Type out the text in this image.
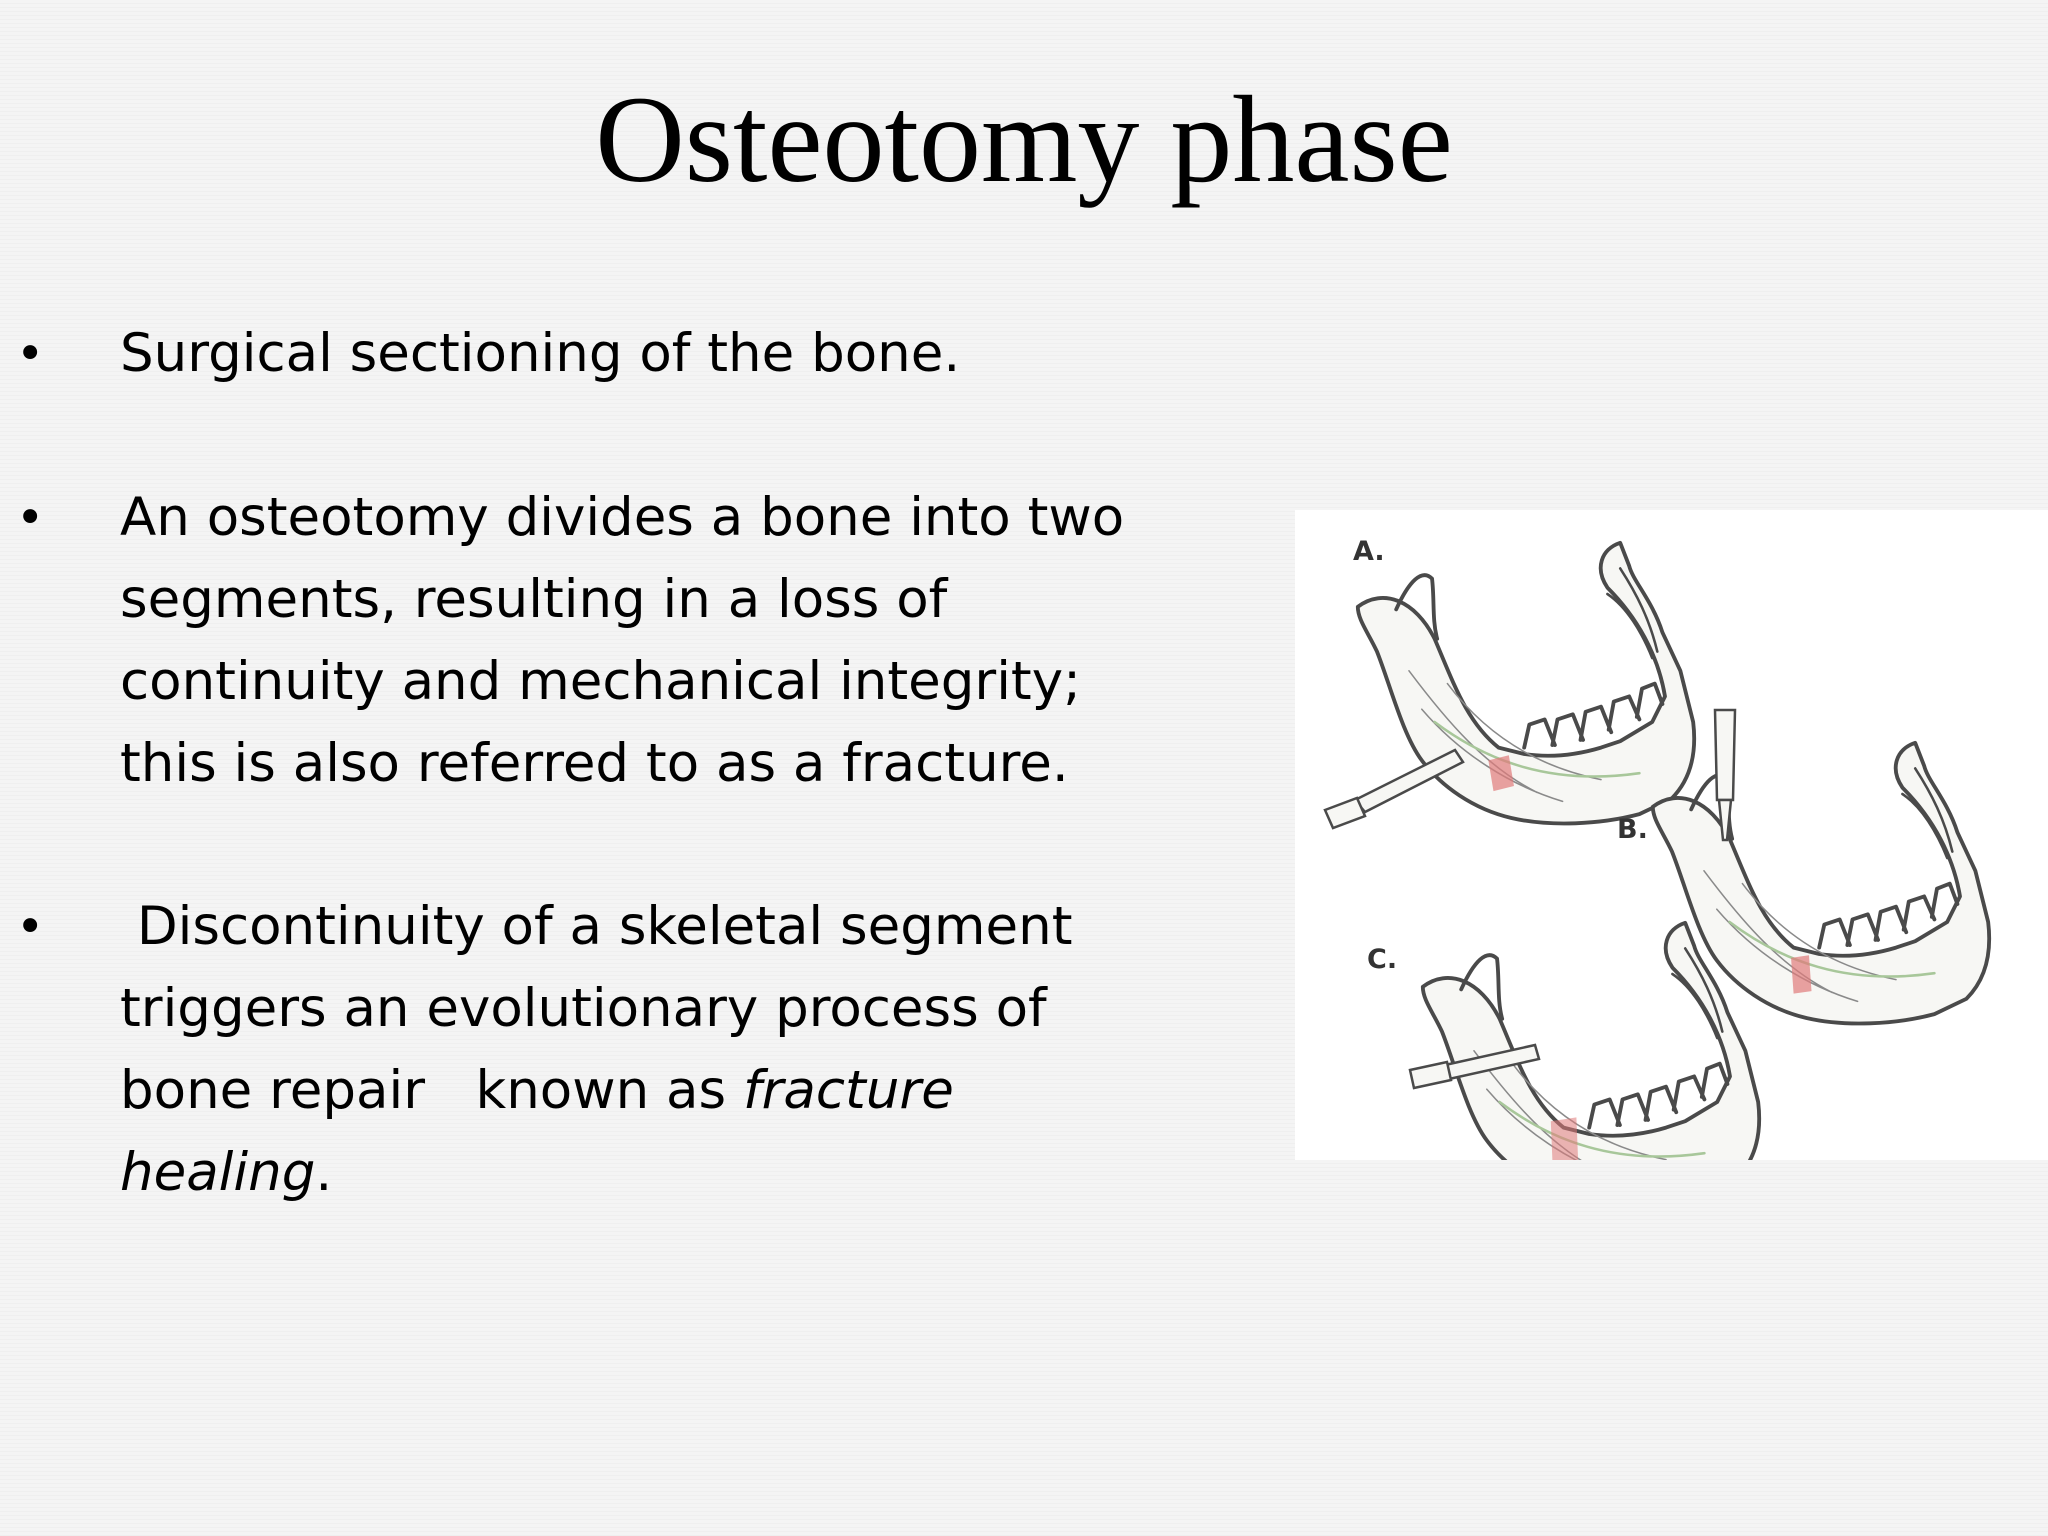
Osteotomy phase
• Surgical sectioning of the bone.
• An osteotomy divides a bone into two
segments, resulting in a loss of
continuity and mechanical integrity;
this is also referred to as a fracture.
• Discontinuity of a skeletal segment
triggers an evolutionary process of
bone repair   known as fracture
healing.
A.
B.
C.
